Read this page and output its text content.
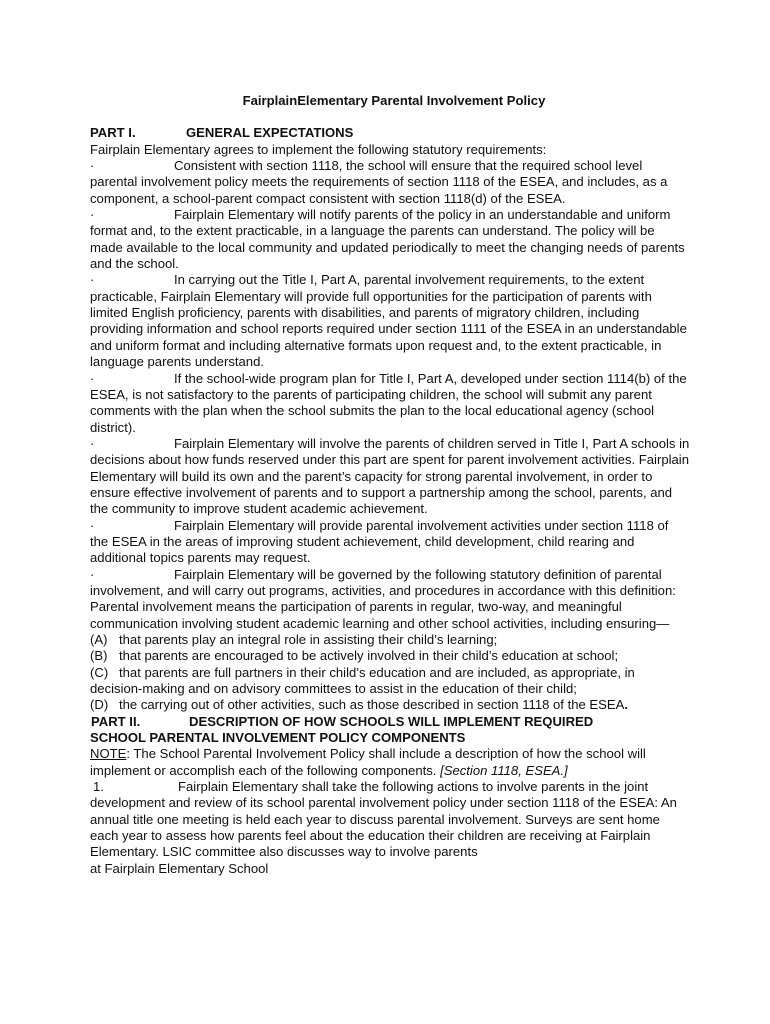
FairplainElementary Parental Involvement Policy
PART I.	GENERAL EXPECTATIONS

Fairplain Elementary agrees to implement the following statutory requirements:

·	Consistent with section 1118, the school will ensure that the required school level parental involvement policy meets the requirements of section 1118 of the ESEA, and includes, as a component, a school-parent compact consistent with section 1118(d) of the ESEA.

·	Fairplain Elementary will notify parents of the policy in an understandable and uniform format and, to the extent practicable, in a language the parents can understand. The policy will be made available to the local community and updated periodically to meet the changing needs of parents and the school.

·	In carrying out the Title I, Part A, parental involvement requirements, to the extent practicable, Fairplain Elementary will provide full opportunities for the participation of parents with limited English proficiency, parents with disabilities, and parents of migratory children, including providing information and school reports required under section 1111 of the ESEA in an understandable and uniform format and including alternative formats upon request and, to the extent practicable, in language parents understand.

·	If the school-wide program plan for Title I, Part A, developed under section 1114(b) of the ESEA, is not satisfactory to the parents of participating children, the school will submit any parent comments with the plan when the school submits the plan to the local educational agency (school district).

·	Fairplain Elementary will involve the parents of children served in Title I, Part A schools in decisions about how funds reserved under this part are spent for parent involvement activities. Fairplain Elementary will build its own and the parent’s capacity for strong parental involvement, in order to ensure effective involvement of parents and to support a partnership among the school, parents, and the community to improve student academic achievement.

·	Fairplain Elementary will provide parental involvement activities under section 1118 of the ESEA in the areas of improving student achievement, child development, child rearing and additional topics parents may request.

·	Fairplain Elementary will be governed by the following statutory definition of parental involvement, and will carry out programs, activities, and procedures in accordance with this definition:

Parental involvement means the participation of parents in regular, two-way, and meaningful communication involving student academic learning and other school activities, including ensuring—

(A) that parents play an integral role in assisting their child’s learning;

(B) that parents are encouraged to be actively involved in their child’s education at school;

(C) that parents are full partners in their child’s education and are included, as appropriate, in decision-making and on advisory committees to assist in the education of their child;

(D) the carrying out of other activities, such as those described in section 1118 of the ESEA.

PART II.	DESCRIPTION OF HOW SCHOOLS WILL IMPLEMENT REQUIRED

SCHOOL PARENTAL INVOLVEMENT POLICY COMPONENTS

NOTE: The School Parental Involvement Policy shall include a description of how the school will implement or accomplish each of the following components. [Section 1118, ESEA.]

1.	Fairplain Elementary shall take the following actions to involve parents in the joint development and review of its school parental involvement policy under section 1118 of the ESEA: An annual title one meeting is held each year to discuss parental involvement. Surveys are sent home each year to assess how parents feel about the education their children are receiving at Fairplain Elementary. LSIC committee also discusses way to involve parents

at Fairplain Elementary School
